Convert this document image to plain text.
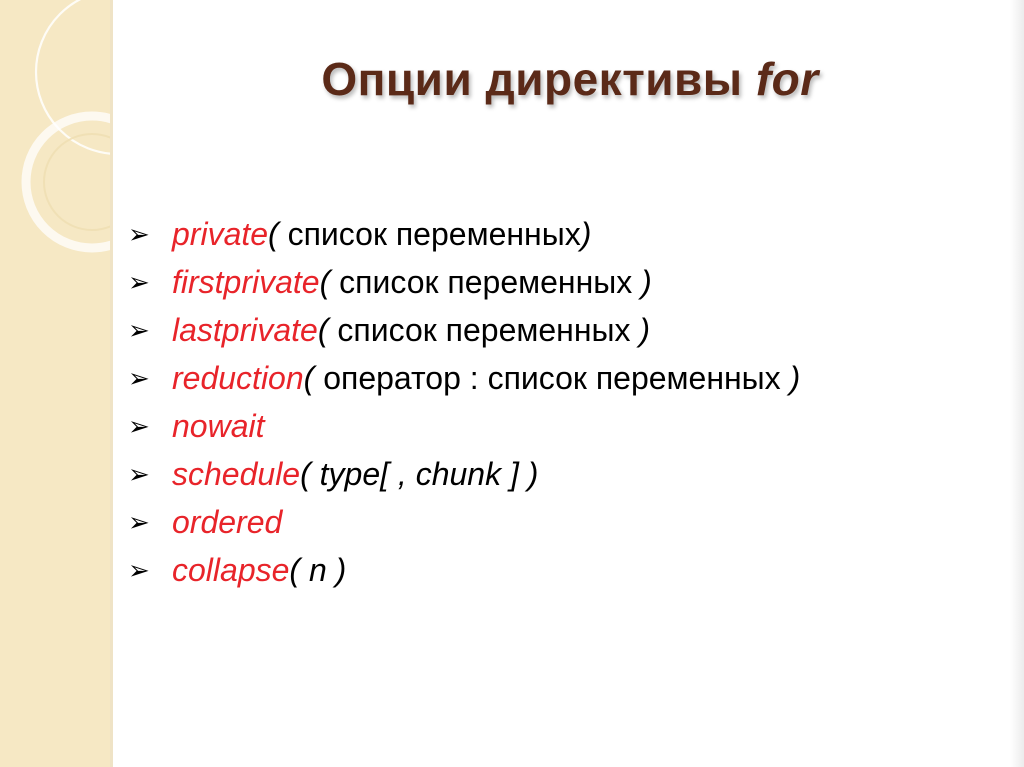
Опции директивы for
➢ private ( список переменных )
➢ firstprivate ( список переменных )
➢ lastprivate ( список переменных )
➢ reduction ( оператор : список переменных )
➢ nowait
➢ schedule ( type[ , chunk ] )
➢ ordered
➢ collapse ( n )
